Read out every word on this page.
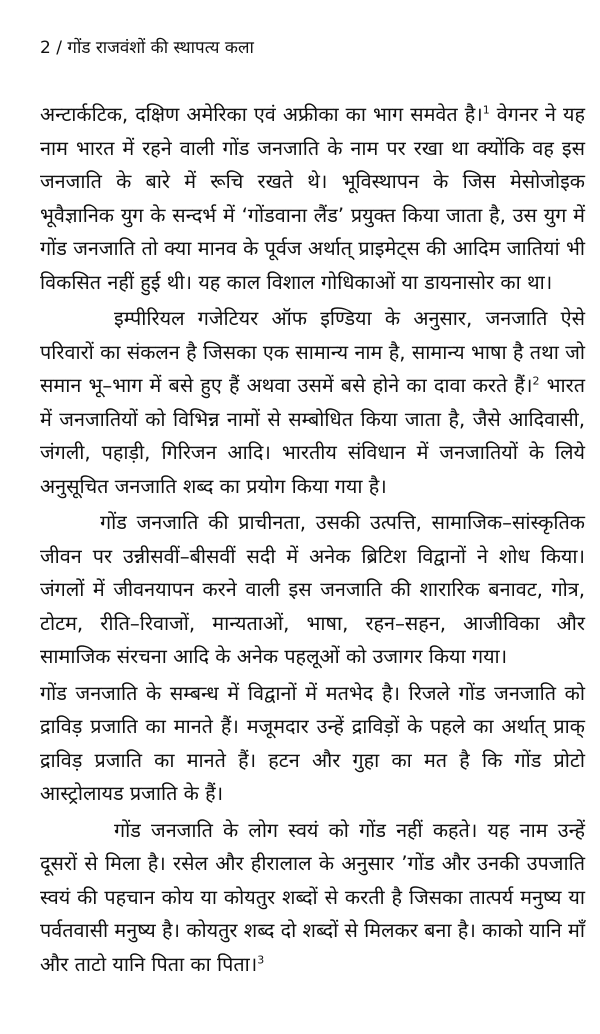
2 / गोंड राजवंशों की स्थापत्य कला

अन्टार्कटिक, दक्षिण अमेरिका एवं अफ्रीका का भाग समवेत है।$^1$ वेगनर ने यह नाम भारत में रहने वाली गोंड जनजाति के नाम पर रखा था क्योंकि वह इस जनजाति के बारे में रूचि रखते थे। भूविस्थापन के जिस मेसोजोइक भूवैज्ञानिक युग के सन्दर्भ में ‘गोंडवाना लैंड’ प्रयुक्त किया जाता है, उस युग में गोंड जनजाति तो क्या मानव के पूर्वज अर्थात् प्राइमेट्स की आदिम जातियां भी विकसित नहीं हुई थी। यह काल विशाल गोधिकाओं या डायनासोर का था।

इम्पीरियल गजेटियर ऑफ इण्डिया के अनुसार, जनजाति ऐसे परिवारों का संकलन है जिसका एक सामान्य नाम है, सामान्य भाषा है तथा जो समान भू–भाग में बसे हुए हैं अथवा उसमें बसे होने का दावा करते हैं।$^2$ भारत में जनजातियों को विभिन्न नामों से सम्बोधित किया जाता है, जैसे आदिवासी, जंगली, पहाड़ी, गिरिजन आदि। भारतीय संविधान में जनजातियों के लिये अनुसूचित जनजाति शब्द का प्रयोग किया गया है।

गोंड जनजाति की प्राचीनता, उसकी उत्पत्ति, सामाजिक–सांस्कृतिक जीवन पर उन्नीसवीं–बीसवीं सदी में अनेक ब्रिटिश विद्वानों ने शोध किया। जंगलों में जीवनयापन करने वाली इस जनजाति की शारारिक बनावट, गोत्र, टोटम, रीति–रिवाजों, मान्यताओं, भाषा, रहन–सहन, आजीविका और सामाजिक संरचना आदि के अनेक पहलूओं को उजागर किया गया।

गोंड जनजाति के सम्बन्ध में विद्वानों में मतभेद है। रिजले गोंड जनजाति को द्राविड़ प्रजाति का मानते हैं। मजूमदार उन्हें द्राविड़ों के पहले का अर्थात् प्राक् द्राविड़ प्रजाति का मानते हैं। हटन और गुहा का मत है कि गोंड प्रोटो आस्ट्रोलायड प्रजाति के हैं।

गोंड जनजाति के लोग स्वयं को गोंड नहीं कहते। यह नाम उन्हें दूसरों से मिला है। रसेल और हीरालाल के अनुसार ’गोंड और उनकी उपजाति स्वयं की पहचान कोय या कोयतुर शब्दों से करती है जिसका तात्पर्य मनुष्य या पर्वतवासी मनुष्य है। कोयतुर शब्द दो शब्दों से मिलकर बना है। काको यानि माँ और ताटो यानि पिता का पिता।$^3$
